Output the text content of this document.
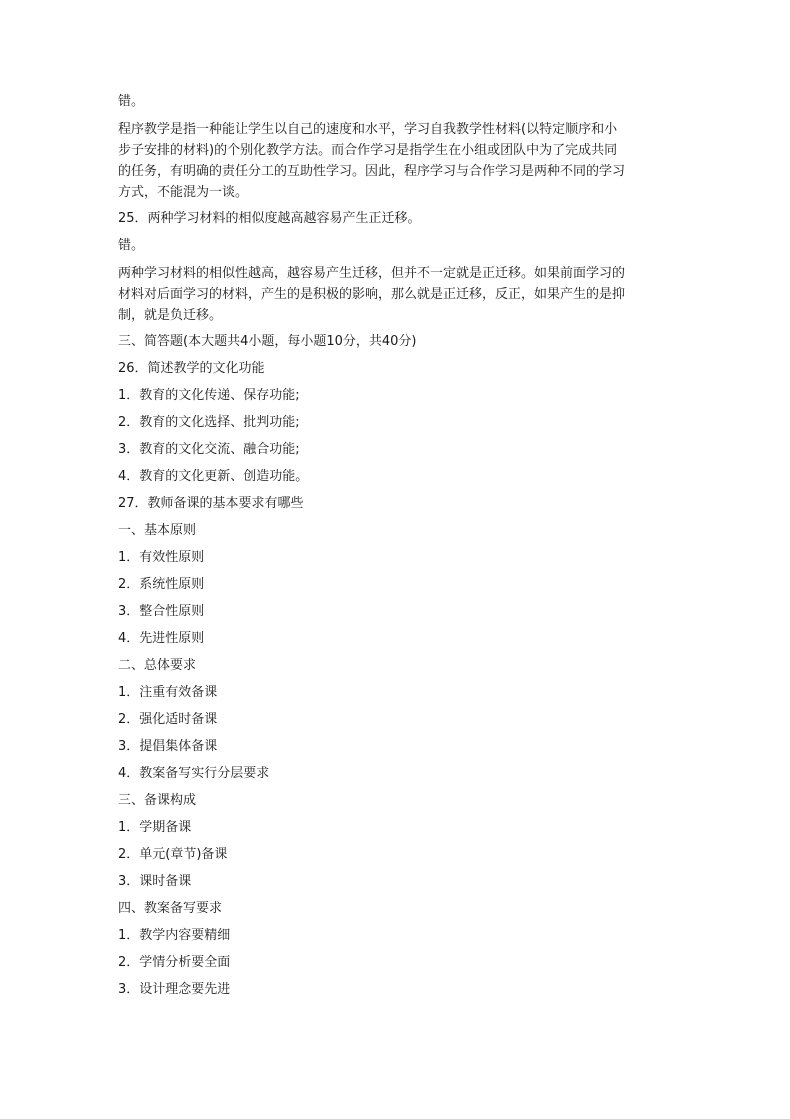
错。

程序教学是指一种能让学生以自己的速度和水平，学习自我教学性材料(以特定顺序和小
步子安排的材料)的个别化教学方法。而合作学习是指学生在小组或团队中为了完成共同
的任务，有明确的责任分工的互助性学习。因此，程序学习与合作学习是两种不同的学习
方式，不能混为一谈。

25．两种学习材料的相似度越高越容易产生正迁移。

错。

两种学习材料的相似性越高，越容易产生迁移，但并不一定就是正迁移。如果前面学习的
材料对后面学习的材料，产生的是积极的影响，那么就是正迁移，反正，如果产生的是抑
制，就是负迁移。

三、简答题(本大题共4小题，每小题10分，共40分)

26．简述教学的文化功能

1．教育的文化传递、保存功能;

2．教育的文化选择、批判功能;

3．教育的文化交流、融合功能;

4．教育的文化更新、创造功能。

27．教师备课的基本要求有哪些

一、基本原则

1．有效性原则

2．系统性原则

3．整合性原则

4．先进性原则

二、总体要求

1．注重有效备课

2．强化适时备课

3．提倡集体备课

4．教案备写实行分层要求

三、备课构成

1．学期备课

2．单元(章节)备课

3．课时备课

四、教案备写要求

1．教学内容要精细

2．学情分析要全面

3．设计理念要先进
